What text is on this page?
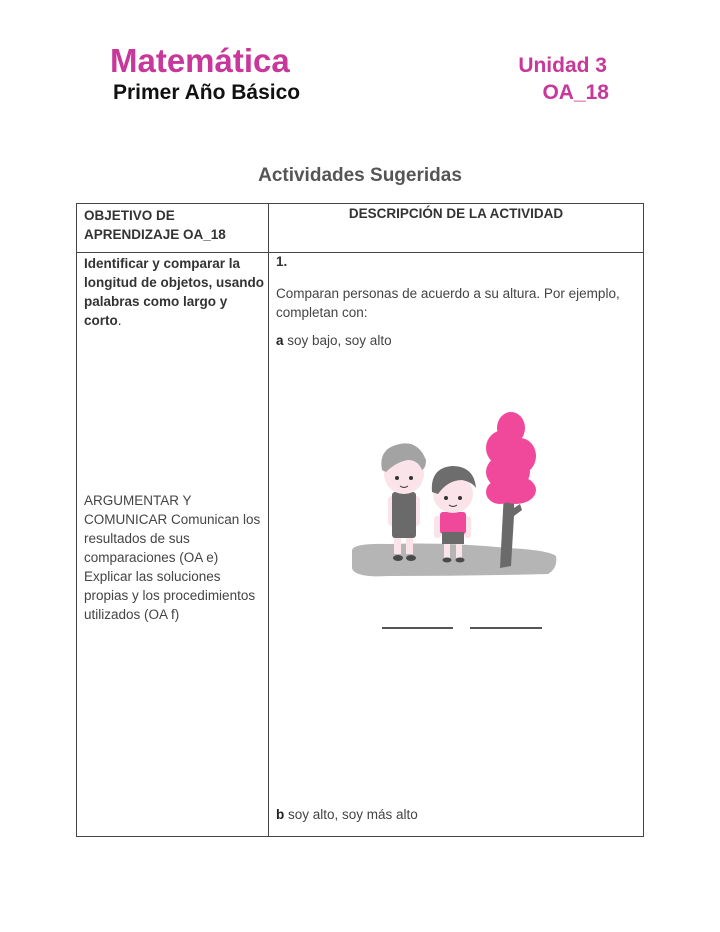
Matemática
Primer Año Básico
Unidad 3
OA_18
Actividades Sugeridas
OBJETIVO DE APRENDIZAJE OA_18
DESCRIPCIÓN DE LA ACTIVIDAD
Identificar y comparar la longitud de objetos, usando palabras como largo y corto.
ARGUMENTAR Y COMUNICAR Comunican los resultados de sus comparaciones (OA e) Explicar las soluciones propias y los procedimientos utilizados (OA f)
1.
Comparan personas de acuerdo a su altura. Por ejemplo, completan con:
a soy bajo, soy alto
b soy alto, soy más alto
